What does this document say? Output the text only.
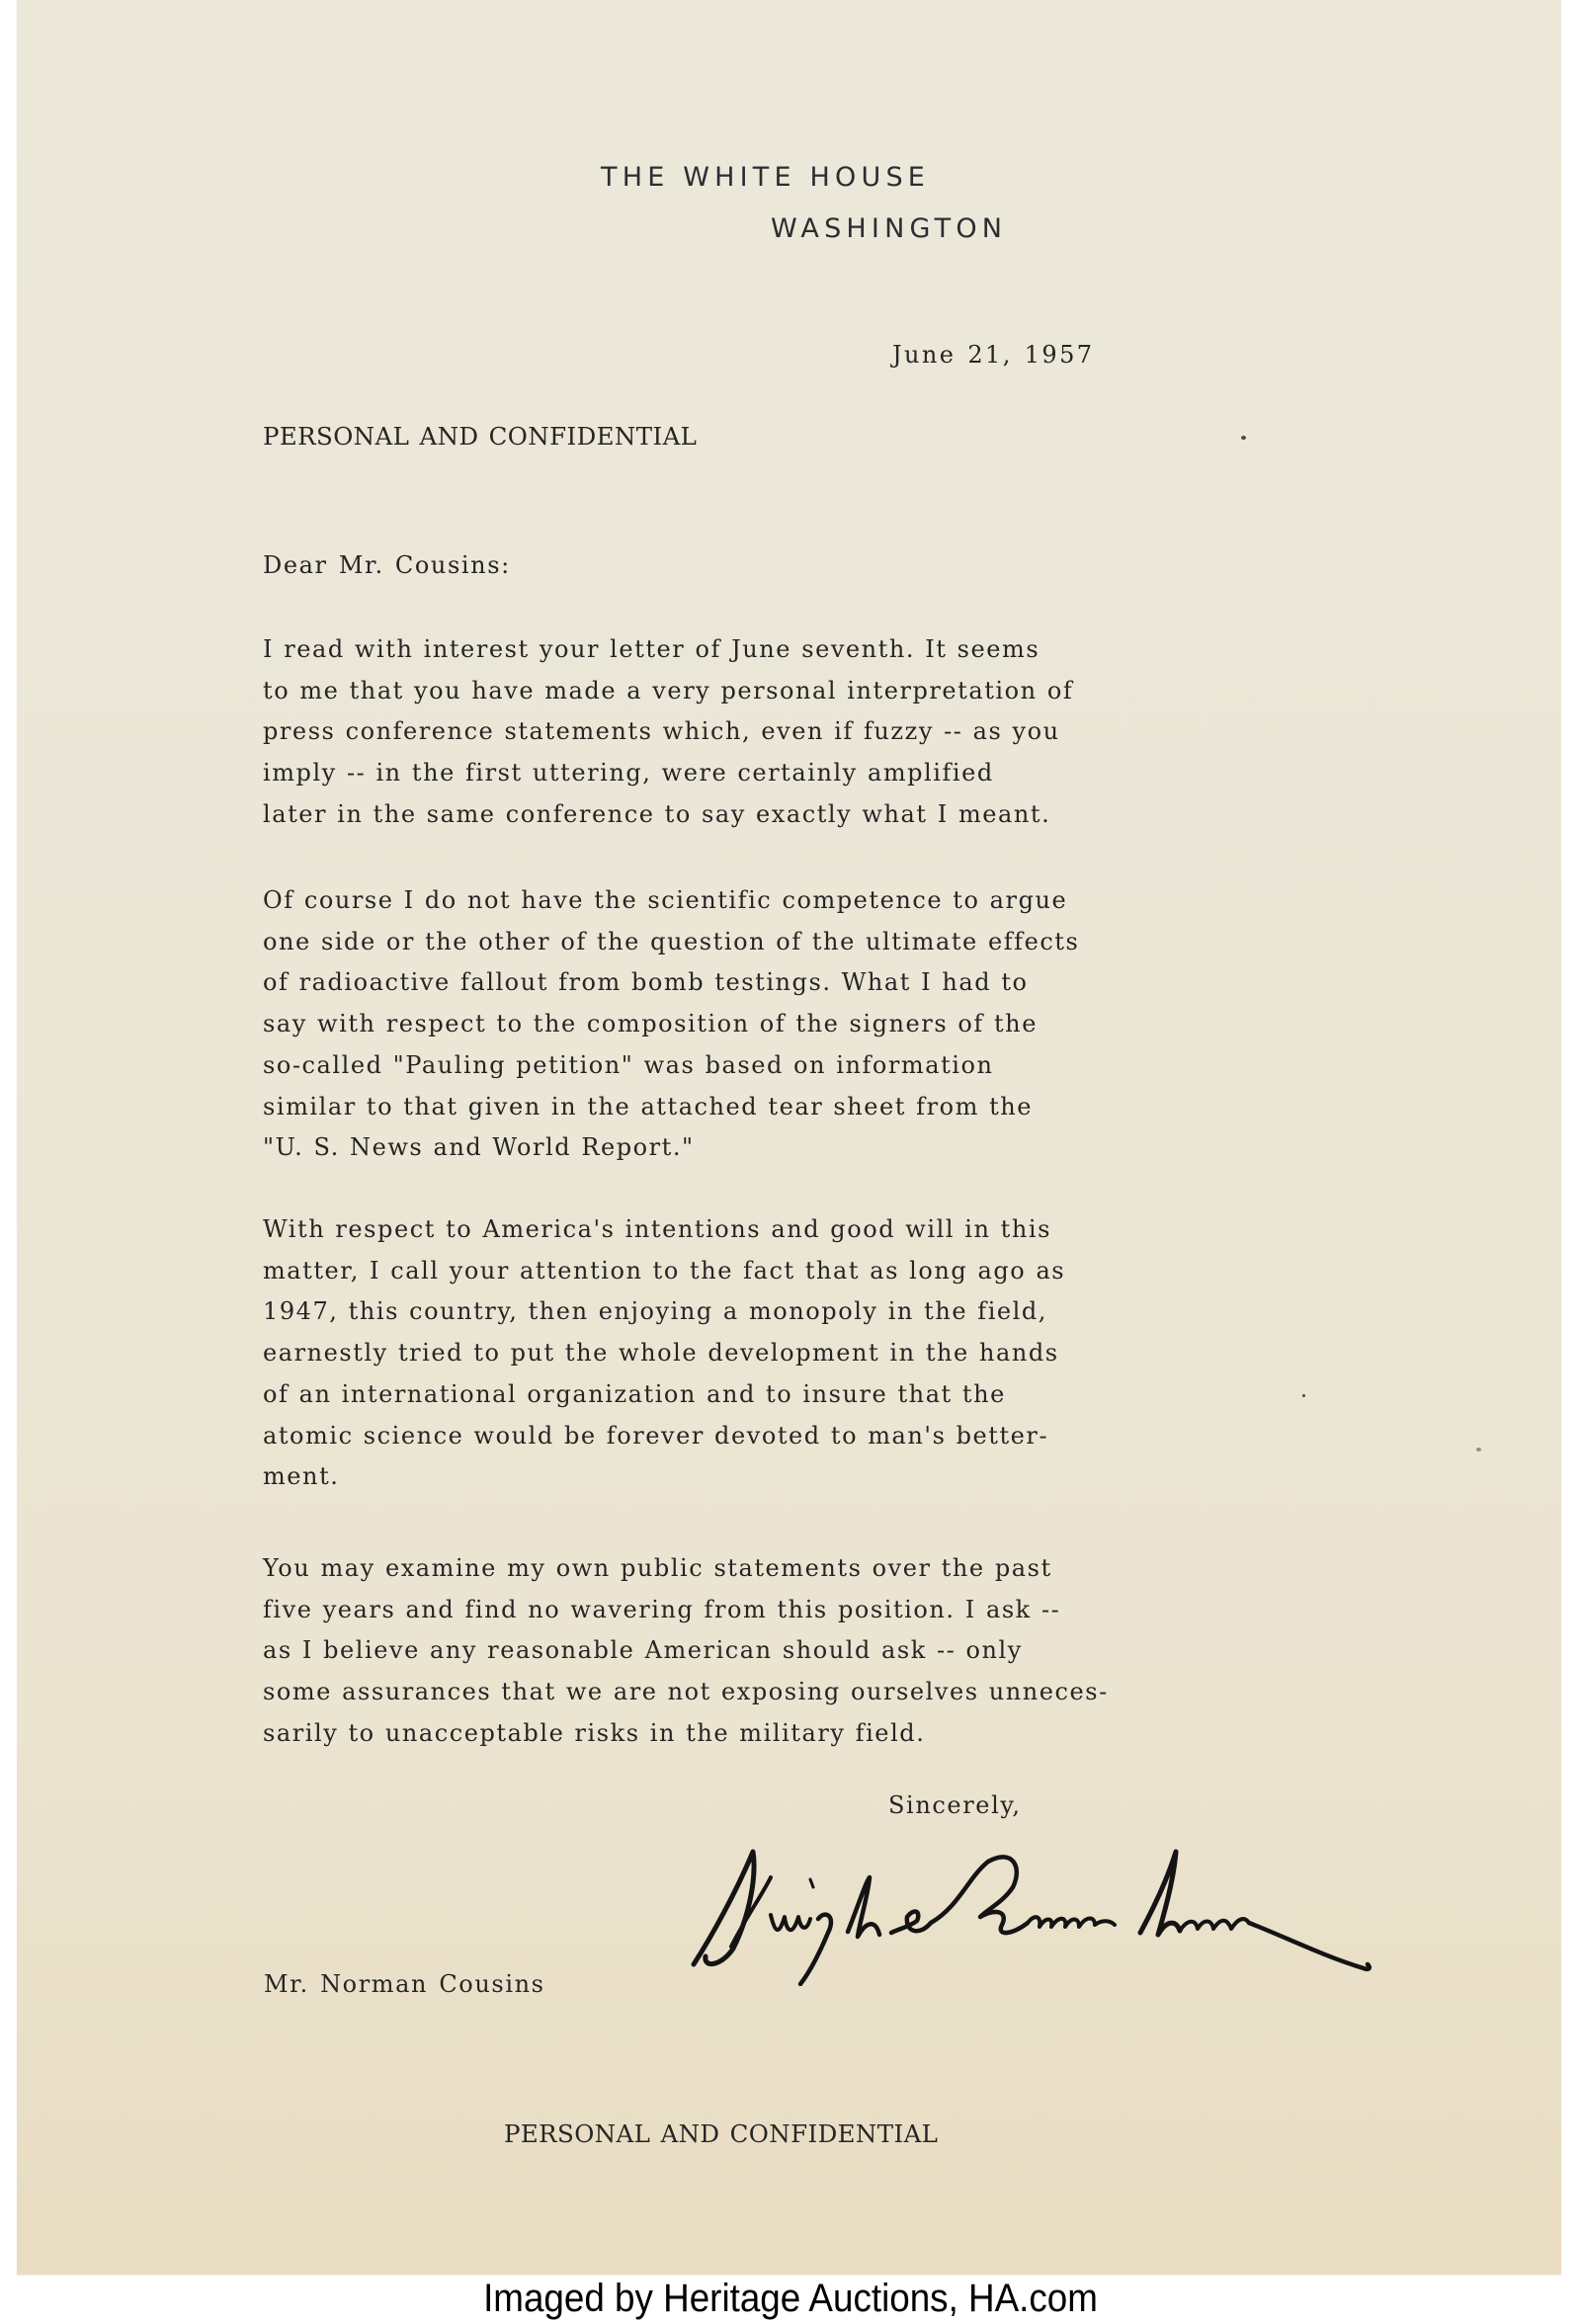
THE WHITE HOUSE
WASHINGTON
June 21, 1957
PERSONAL AND CONFIDENTIAL
Dear Mr. Cousins:
I read with interest your letter of June seventh. It seems
to me that you have made a very personal interpretation of
press conference statements which, even if fuzzy -- as you
imply -- in the first uttering, were certainly amplified
later in the same conference to say exactly what I meant.
Of course I do not have the scientific competence to argue
one side or the other of the question of the ultimate effects
of radioactive fallout from bomb testings. What I had to
say with respect to the composition of the signers of the
so-called "Pauling petition" was based on information
similar to that given in the attached tear sheet from the
"U. S. News and World Report."
With respect to America's intentions and good will in this
matter, I call your attention to the fact that as long ago as
1947, this country, then enjoying a monopoly in the field,
earnestly tried to put the whole development in the hands
of an international organization and to insure that the
atomic science would be forever devoted to man's better-
ment.
You may examine my own public statements over the past
five years and find no wavering from this position. I ask --
as I believe any reasonable American should ask -- only
some assurances that we are not exposing ourselves unneces-
sarily to unacceptable risks in the military field.
Sincerely,
Mr. Norman Cousins
PERSONAL AND CONFIDENTIAL
Imaged by Heritage Auctions, HA.com
